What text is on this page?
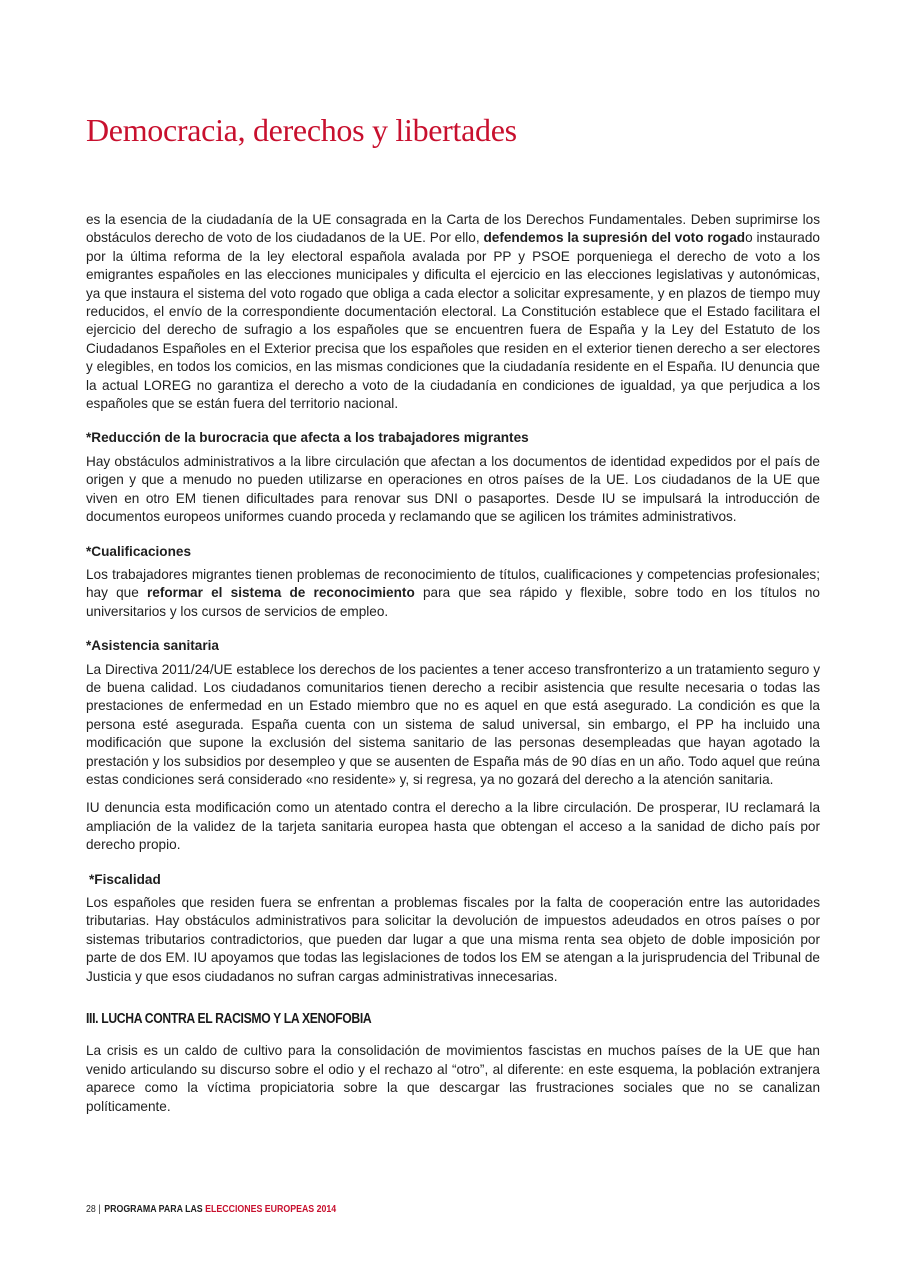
Democracia, derechos y libertades

es la esencia de la ciudadanía de la UE consagrada en la Carta de los Derechos Fundamentales. Deben suprimirse los obstáculos derecho de voto de los ciudadanos de la UE. Por ello, defendemos la supresión del voto rogado instaurado por la última reforma de la ley electoral española avalada por PP y PSOE porqueniega el derecho de voto a los emigrantes españoles en las elecciones municipales y dificulta el ejercicio en las elecciones legislativas y autonómicas, ya que instaura el sistema del voto rogado que obliga a cada elector a solicitar expresamente, y en plazos de tiempo muy reducidos, el envío de la correspondiente documentación electoral. La Constitución establece que el Estado facilitara el ejercicio del derecho de sufragio a los españoles que se encuentren fuera de España y la Ley del Estatuto de los Ciudadanos Españoles en el Exterior precisa que los españoles que residen en el exterior tienen derecho a ser electores y elegibles, en todos los comicios, en las mismas condiciones que la ciudadanía residente en el España. IU denuncia que la actual LOREG no garantiza el derecho a voto de la ciudadanía en condiciones de igualdad, ya que perjudica a los españoles que se están fuera del territorio nacional.

*Reducción de la burocracia que afecta a los trabajadores migrantes

Hay obstáculos administrativos a la libre circulación que afectan a los documentos de identidad expedidos por el país de origen y que a menudo no pueden utilizarse en operaciones en otros países de la UE. Los ciudadanos de la UE que viven en otro EM tienen dificultades para renovar sus DNI o pasaportes. Desde IU se impulsará la introducción de documentos europeos uniformes cuando proceda y reclamando que se agilicen los trámites administrativos.

*Cualificaciones

Los trabajadores migrantes tienen problemas de reconocimiento de títulos, cualificaciones y competencias profesionales; hay que reformar el sistema de reconocimiento para que sea rápido y flexible, sobre todo en los títulos no universitarios y los cursos de servicios de empleo.

*Asistencia sanitaria

La Directiva 2011/24/UE establece los derechos de los pacientes a tener acceso transfronterizo a un tratamiento seguro y de buena calidad. Los ciudadanos comunitarios tienen derecho a recibir asistencia que resulte necesaria o todas las prestaciones de enfermedad en un Estado miembro que no es aquel en que está asegurado. La condición es que la persona esté asegurada. España cuenta con un sistema de salud universal, sin embargo, el PP ha incluido una modificación que supone la exclusión del sistema sanitario de las personas desempleadas que hayan agotado la prestación y los subsidios por desempleo y que se ausenten de España más de 90 días en un año. Todo aquel que reúna estas condiciones será considerado «no residente» y, si regresa, ya no gozará del derecho a la atención sanitaria.

IU denuncia esta modificación como un atentado contra el derecho a la libre circulación. De prosperar, IU reclamará la ampliación de la validez de la tarjeta sanitaria europea hasta que obtengan el acceso a la sanidad de dicho país por derecho propio.

*Fiscalidad

Los españoles que residen fuera se enfrentan a problemas fiscales por la falta de cooperación entre las autoridades tributarias. Hay obstáculos administrativos para solicitar la devolución de impuestos adeudados en otros países o por sistemas tributarios contradictorios, que pueden dar lugar a que una misma renta sea objeto de doble imposición por parte de dos EM. IU apoyamos que todas las legislaciones de todos los EM se atengan a la jurisprudencia del Tribunal de Justicia y que esos ciudadanos no sufran cargas administrativas innecesarias.

III. LUCHA CONTRA EL RACISMO Y LA XENOFOBIA

La crisis es un caldo de cultivo para la consolidación de movimientos fascistas en muchos países de la UE que han venido articulando su discurso sobre el odio y el rechazo al “otro”, al diferente: en este esquema, la población extranjera aparece como la víctima propiciatoria sobre la que descargar las frustraciones sociales que no se canalizan políticamente.

28 | PROGRAMA PARA LAS ELECCIONES EUROPEAS 2014
